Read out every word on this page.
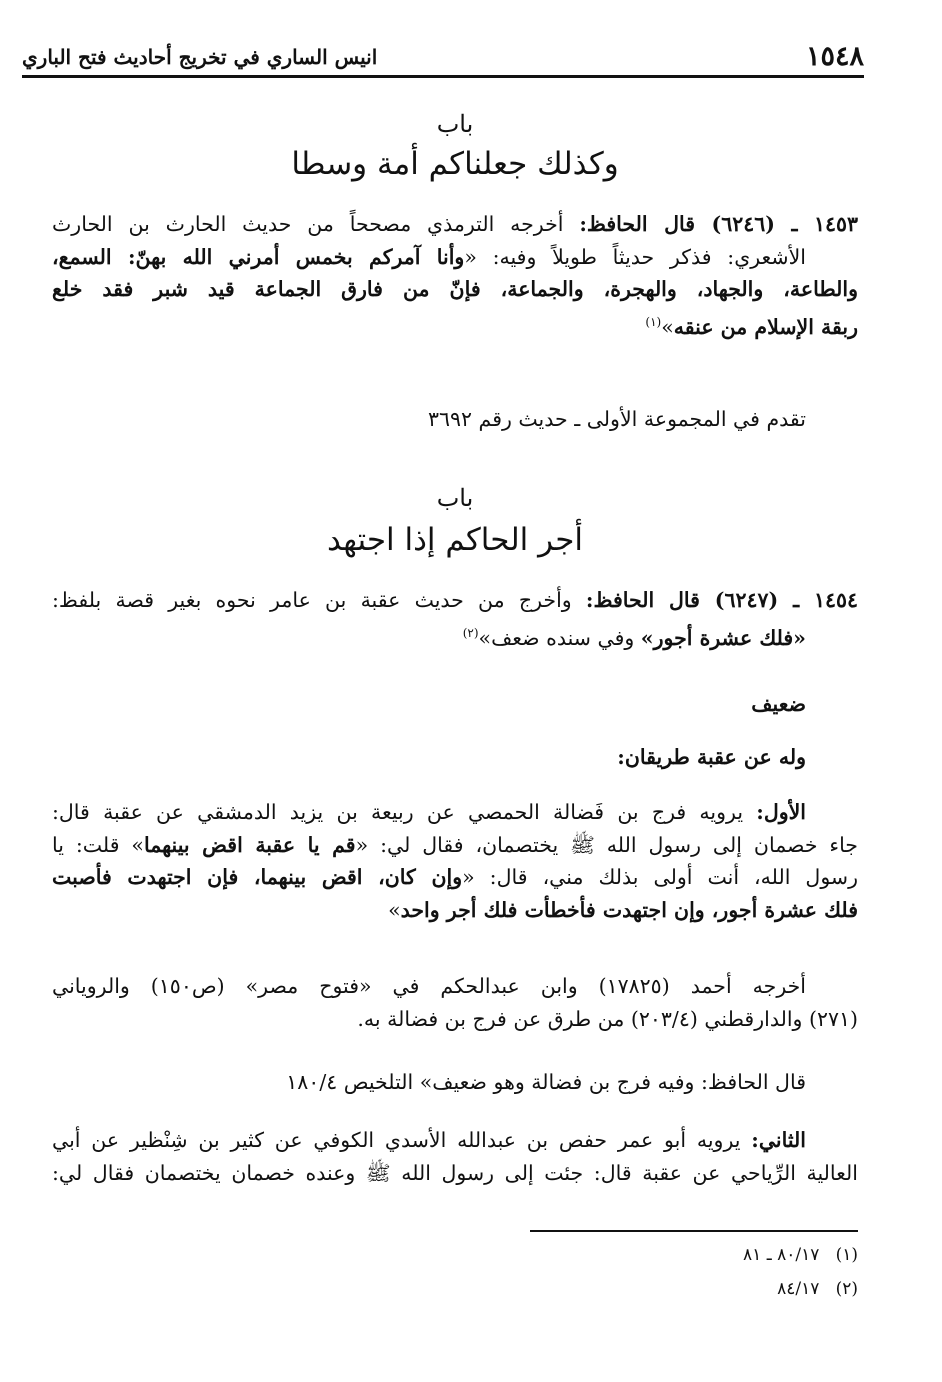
١٥٤٨
انيس الساري في تخريج أحاديث فتح الباري
باب
وكذلك جعلناكم أمة وسطا
١٤٥٣ ـ (٦٢٤٦) قال الحافظ: أخرجه الترمذي مصححاً من حديث الحارث بن الحارث
الأشعري: فذكر حديثاً طويلاً وفيه: «وأنا آمركم بخمس أمرني الله بهنّ: السمع،
والطاعة، والجهاد، والهجرة، والجماعة، فإنّ من فارق الجماعة قيد شبر فقد خلع
ربقة الإسلام من عنقه»$^{(١)}$
تقدم في المجموعة الأولى ـ حديث رقم ٣٦٩٢
باب
أجر الحاكم إذا اجتهد
١٤٥٤ ـ (٦٢٤٧) قال الحافظ: وأخرج من حديث عقبة بن عامر نحوه بغير قصة بلفظ:
«فلك عشرة أجور» وفي سنده ضعف»$^{(٢)}$
ضعيف
وله عن عقبة طريقان:
الأول: يرويه فرج بن فَضالة الحمصي عن ربيعة بن يزيد الدمشقي عن عقبة قال:
جاء خصمان إلى رسول الله ﷺ يختصمان، فقال لي: «قم يا عقبة اقض بينهما» قلت: يا
رسول الله، أنت أولى بذلك مني، قال: «وإن كان، اقض بينهما، فإن اجتهدت فأصبت
فلك عشرة أجور، وإن اجتهدت فأخطأت فلك أجر واحد»
أخرجه أحمد (١٧٨٢٥) وابن عبدالحكم في «فتوح مصر» (ص١٥٠) والروياني
(٢٧١) والدارقطني (٢٠٣/٤) من طرق عن فرج بن فضالة به.
قال الحافظ: وفيه فرج بن فضالة وهو ضعيف» التلخيص ١٨٠/٤
الثاني: يرويه أبو عمر حفص بن عبدالله الأسدي الكوفي عن كثير بن شِنْظير عن أبي
العالية الرِّياحي عن عقبة قال: جئت إلى رسول الله ﷺ وعنده خصمان يختصمان فقال لي:
(١)   ٨٠/١٧ ـ ٨١
(٢)   ٨٤/١٧
